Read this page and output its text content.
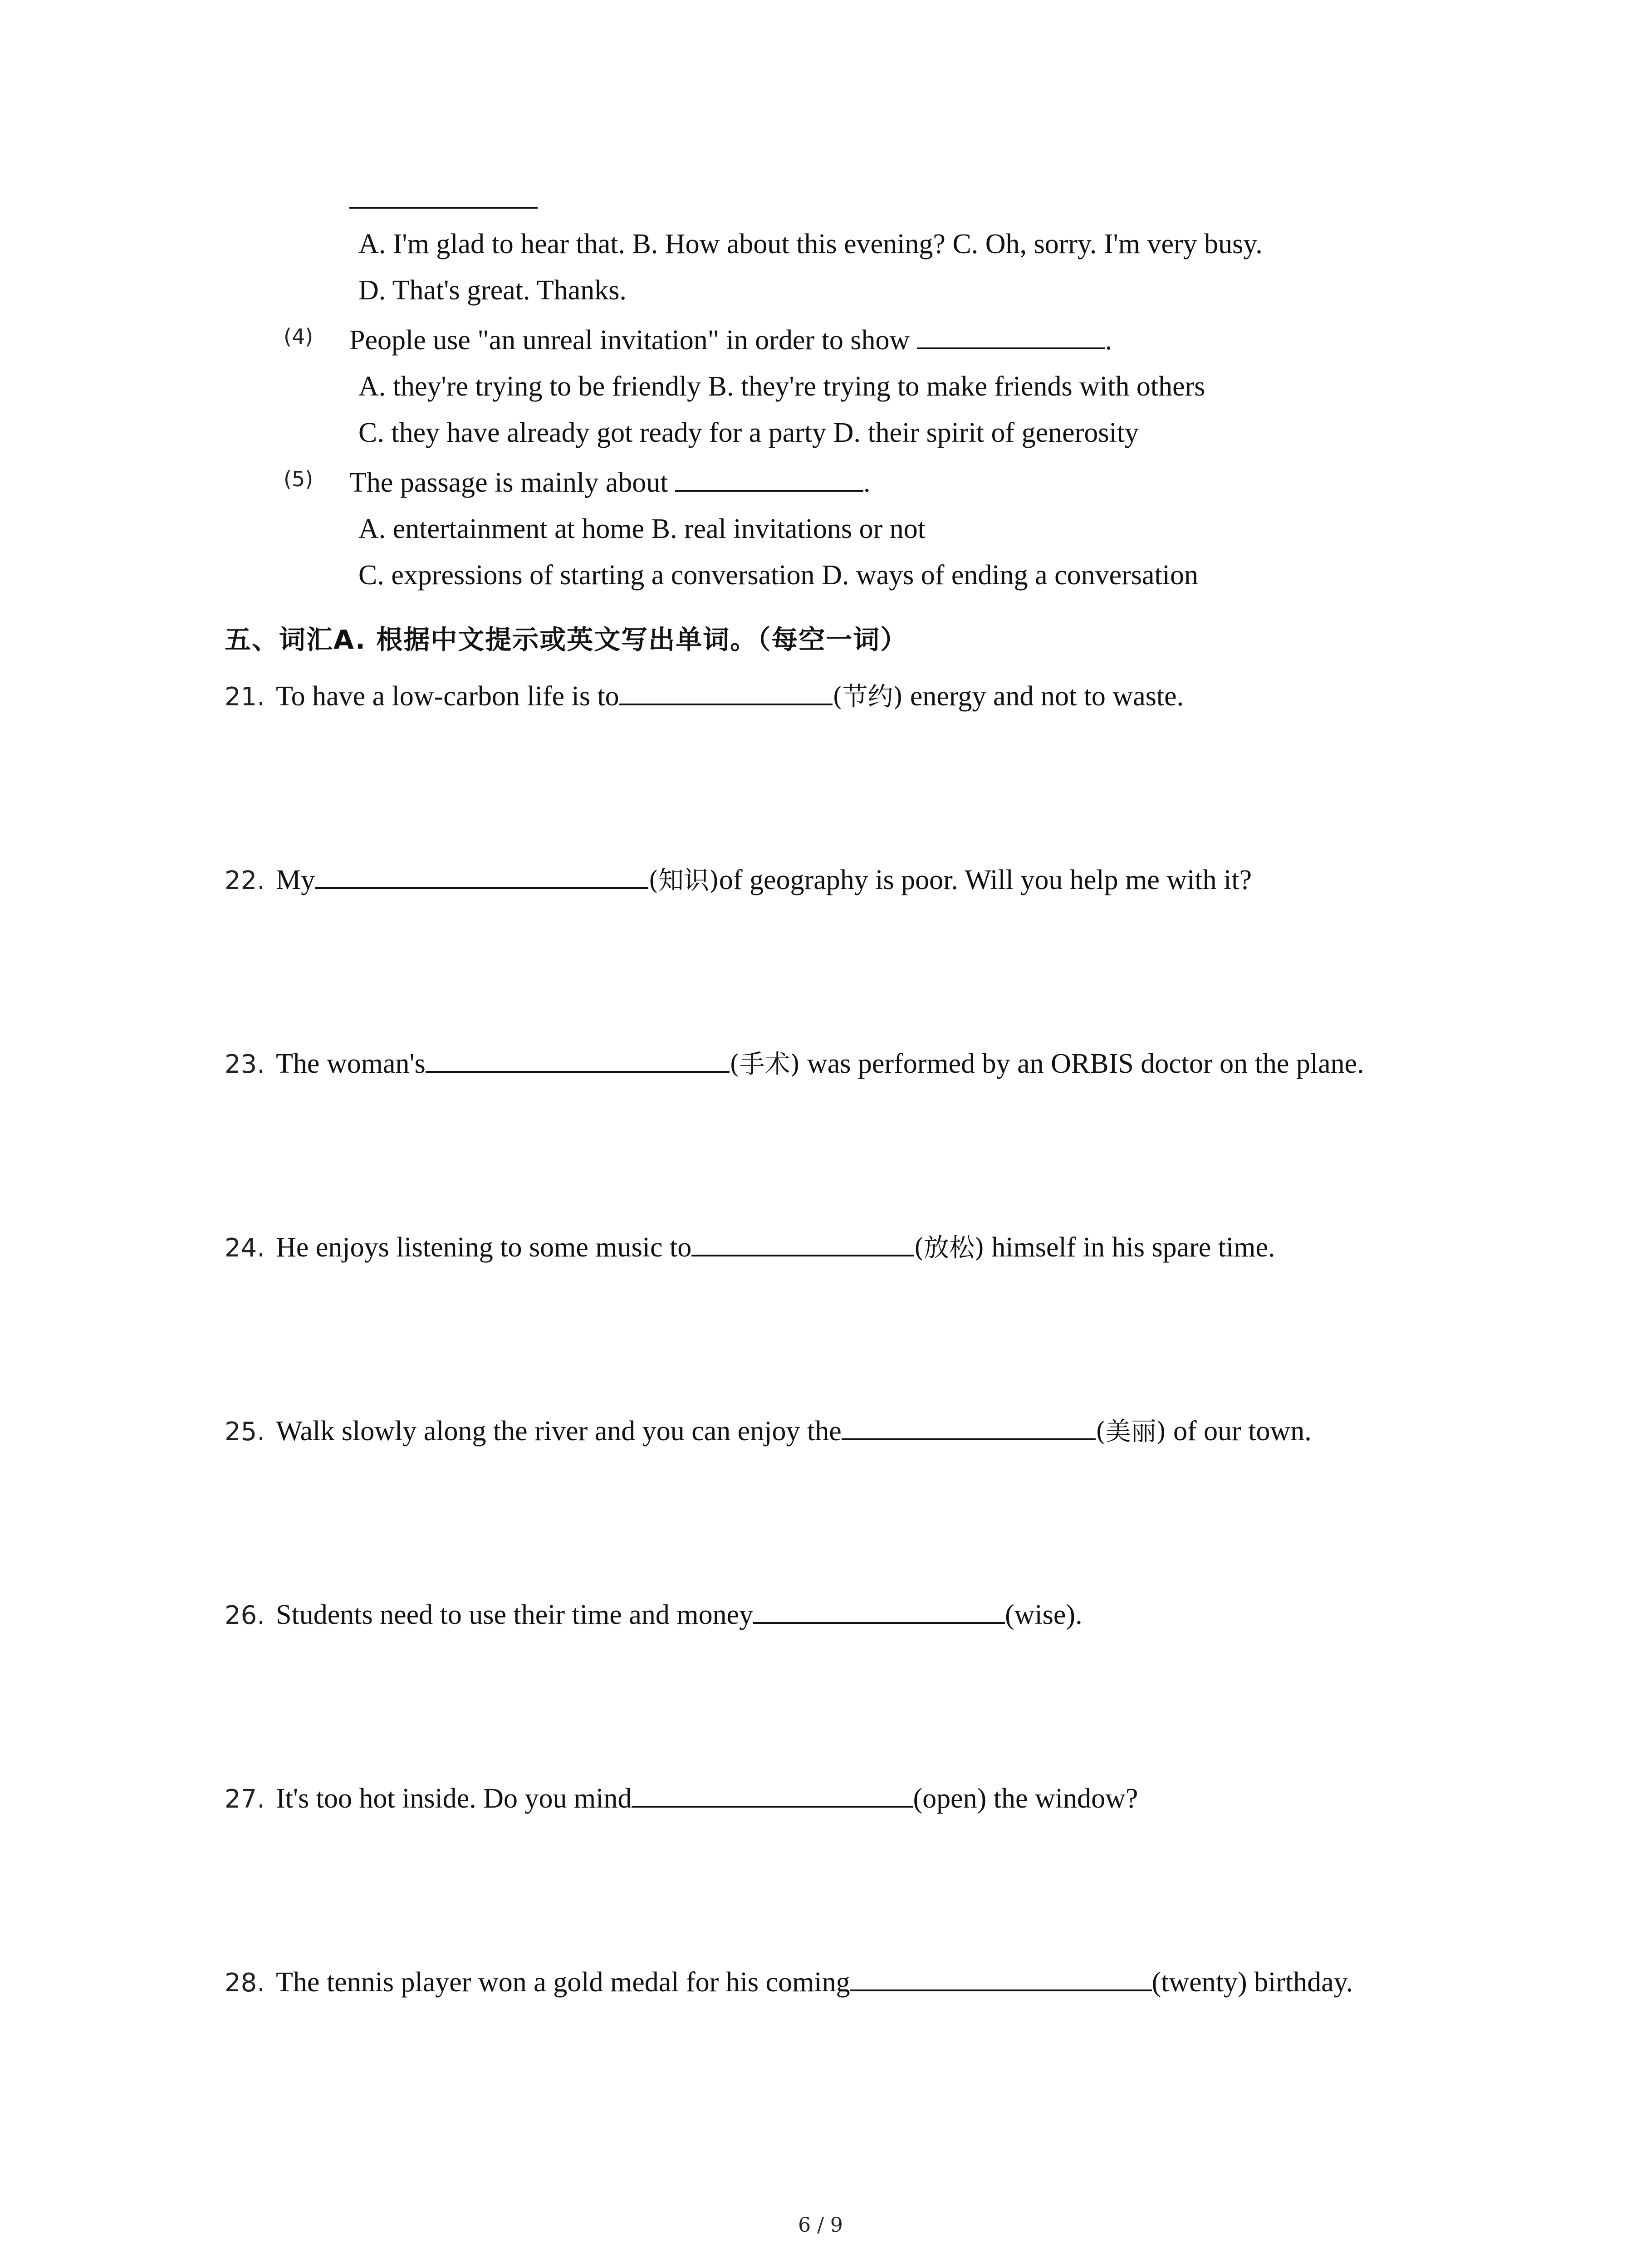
A. I'm glad to hear that. B. How about this evening? C. Oh, sorry. I'm very busy.
D. That's great. Thanks.
(4) People use "an unreal invitation" in order to show	.
A. they're trying to be friendly B. they're trying to make friends with others
C. they have already got ready for a party D. their spirit of generosity
(5) The passage is mainly about	.
A. entertainment at home B. real invitations or not
C. expressions of starting a conversation D. ways of ending a conversation
五、词汇A. 根据中文提示或英文写出单词。（每空一词）
21. To have a low-carbon life is to	(节约) energy and not to waste.
22. My	(知识)of geography is poor. Will you help me with it?
23. The woman's	(手术) was performed by an ORBIS doctor on the plane.
24. He enjoys listening to some music to	(放松) himself in his spare time.
25. Walk slowly along the river and you can enjoy the	(美丽) of our town.
26. Students need to use their time and money	(wise).
27. It's too hot inside. Do you mind	(open) the window?
28. The tennis player won a gold medal for his coming	(twenty) birthday.
6 / 9
